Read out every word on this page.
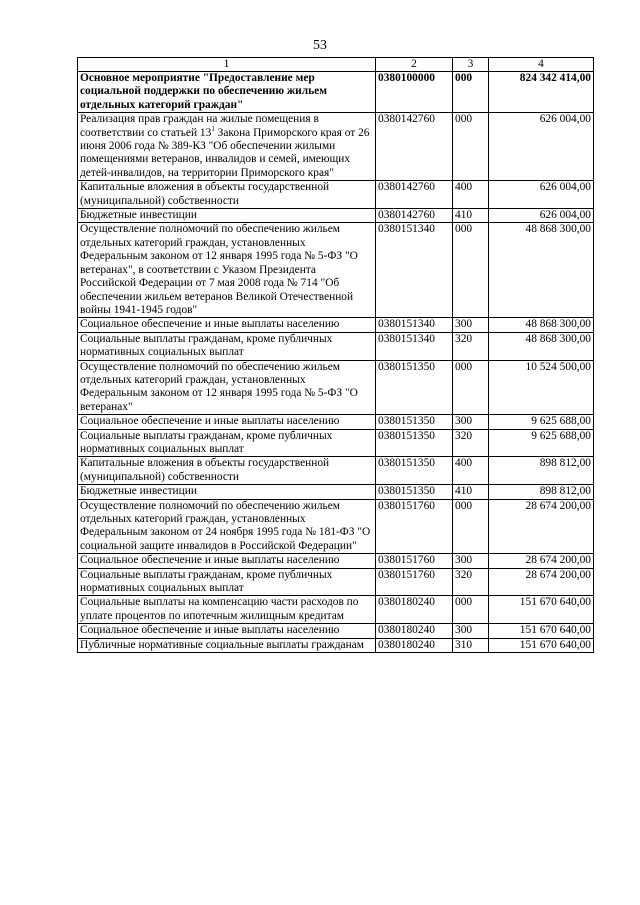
53
1	2	3	4
Основное мероприятие "Предоставление мер социальной поддержки по обеспечению жильем отдельных категорий граждан"	0380100000	000	824 342 414,00
Реализация прав граждан на жилые помещения в соответствии со статьей $13^1$ Закона Приморского края от 26 июня 2006 года № 389-КЗ "Об обеспечении жилыми помещениями ветеранов, инвалидов и семей, имеющих детей-инвалидов, на территории Приморского края"	0380142760	000	626 004,00
Капитальные вложения в объекты государственной (муниципальной) собственности	0380142760	400	626 004,00
Бюджетные инвестиции	0380142760	410	626 004,00
Осуществление полномочий по обеспечению жильем отдельных категорий граждан, установленных Федеральным законом от 12 января 1995 года № 5-ФЗ "О ветеранах", в соответствии с Указом Президента Российской Федерации от 7 мая 2008 года № 714 "Об обеспечении жильем ветеранов Великой Отечественной войны 1941-1945 годов"	0380151340	000	48 868 300,00
Социальное обеспечение и иные выплаты населению	0380151340	300	48 868 300,00
Социальные выплаты гражданам, кроме публичных нормативных социальных выплат	0380151340	320	48 868 300,00
Осуществление полномочий по обеспечению жильем отдельных категорий граждан, установленных Федеральным законом от 12 января 1995 года № 5-ФЗ "О ветеранах"	0380151350	000	10 524 500,00
Социальное обеспечение и иные выплаты населению	0380151350	300	9 625 688,00
Социальные выплаты гражданам, кроме публичных нормативных социальных выплат	0380151350	320	9 625 688,00
Капитальные вложения в объекты государственной (муниципальной) собственности	0380151350	400	898 812,00
Бюджетные инвестиции	0380151350	410	898 812,00
Осуществление полномочий по обеспечению жильем отдельных категорий граждан, установленных Федеральным законом от 24 ноября 1995 года № 181-ФЗ "О социальной защите инвалидов в Российской Федерации"	0380151760	000	28 674 200,00
Социальное обеспечение и иные выплаты населению	0380151760	300	28 674 200,00
Социальные выплаты гражданам, кроме публичных нормативных социальных выплат	0380151760	320	28 674 200,00
Социальные выплаты на компенсацию части расходов по уплате процентов по ипотечным жилищным кредитам	0380180240	000	151 670 640,00
Социальное обеспечение и иные выплаты населению	0380180240	300	151 670 640,00
Публичные нормативные социальные выплаты гражданам	0380180240	310	151 670 640,00
